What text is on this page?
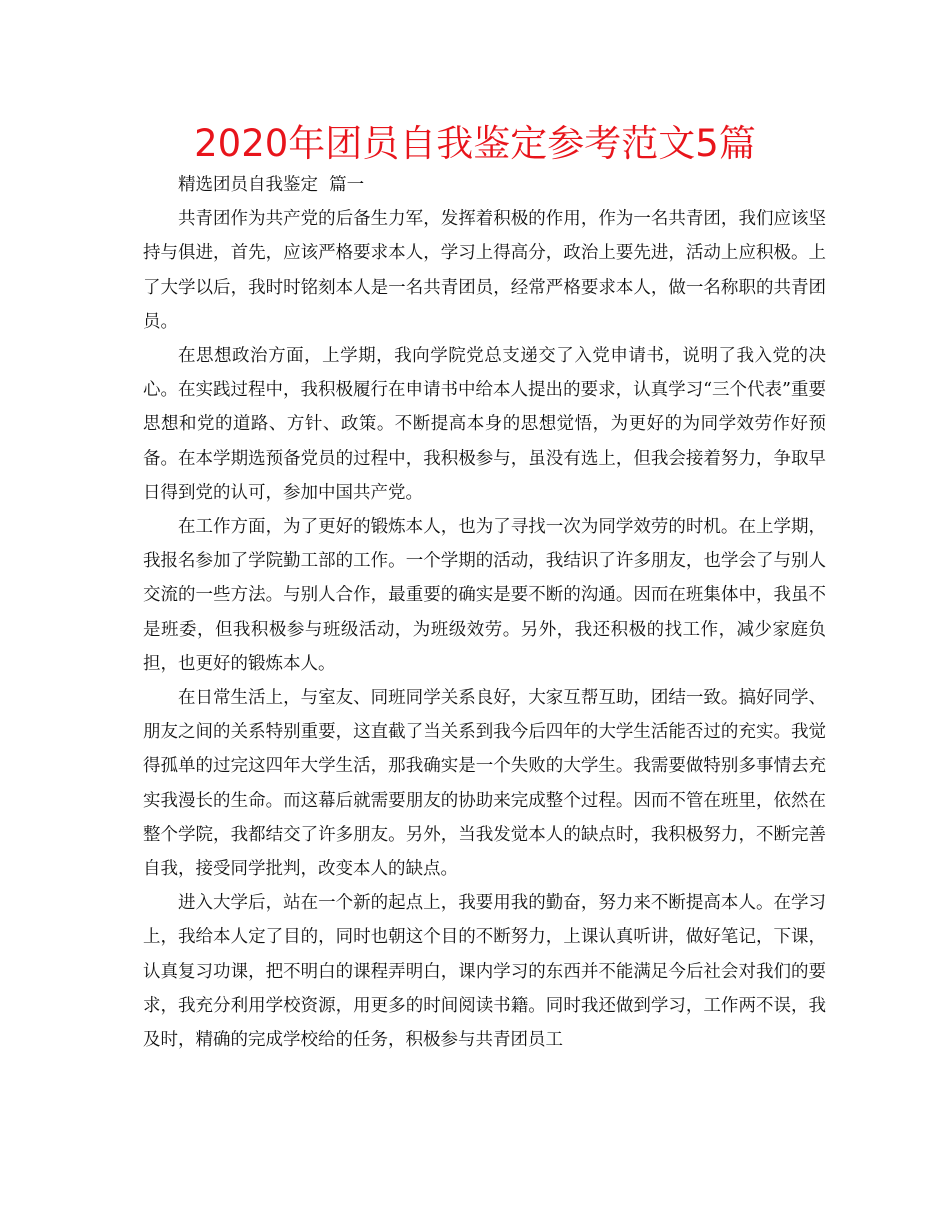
2020年团员自我鉴定参考范文5篇

精选团员自我鉴定  篇一

共青团作为共产党的后备生力军，发挥着积极的作用，作为一名共青团，我们应该坚持与俱进，首先，应该严格要求本人，学习上得高分，政治上要先进，活动上应积极。上了大学以后，我时时铭刻本人是一名共青团员，经常严格要求本人，做一名称职的共青团员。

在思想政治方面，上学期，我向学院党总支递交了入党申请书，说明了我入党的决心。在实践过程中，我积极履行在申请书中给本人提出的要求，认真学习“三个代表”重要思想和党的道路、方针、政策。不断提高本身的思想觉悟，为更好的为同学效劳作好预备。在本学期选预备党员的过程中，我积极参与，虽没有选上，但我会接着努力，争取早日得到党的认可，参加中国共产党。

在工作方面，为了更好的锻炼本人，也为了寻找一次为同学效劳的时机。在上学期，我报名参加了学院勤工部的工作。一个学期的活动，我结识了许多朋友，也学会了与别人交流的一些方法。与别人合作，最重要的确实是要不断的沟通。因而在班集体中，我虽不是班委，但我积极参与班级活动，为班级效劳。另外，我还积极的找工作，减少家庭负担，也更好的锻炼本人。

在日常生活上，与室友、同班同学关系良好，大家互帮互助，团结一致。搞好同学、朋友之间的关系特别重要，这直截了当关系到我今后四年的大学生活能否过的充实。我觉得孤单的过完这四年大学生活，那我确实是一个失败的大学生。我需要做特别多事情去充实我漫长的生命。而这幕后就需要朋友的协助来完成整个过程。因而不管在班里，依然在整个学院，我都结交了许多朋友。另外，当我发觉本人的缺点时，我积极努力，不断完善自我，接受同学批判，改变本人的缺点。

进入大学后，站在一个新的起点上，我要用我的勤奋，努力来不断提高本人。在学习上，我给本人定了目的，同时也朝这个目的不断努力，上课认真听讲，做好笔记，下课，认真复习功课，把不明白的课程弄明白，课内学习的东西并不能满足今后社会对我们的要求，我充分利用学校资源，用更多的时间阅读书籍。同时我还做到学习，工作两不误，我及时，精确的完成学校给的任务，积极参与共青团员工
